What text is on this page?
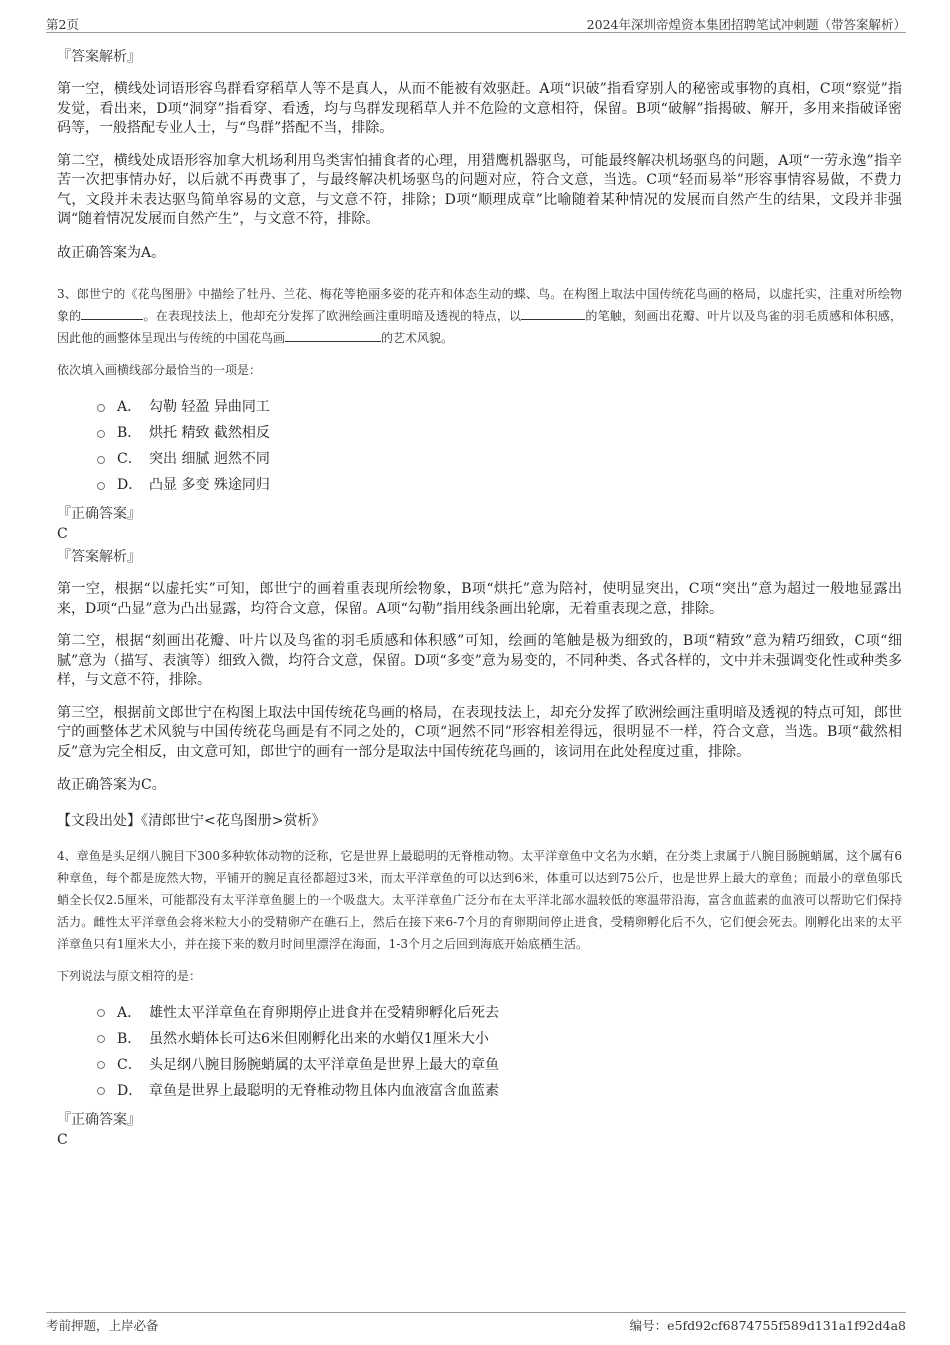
第2页	2024年深圳帝煌资本集团招聘笔试冲刺题（带答案解析）

『答案解析』

第一空，横线处词语形容鸟群看穿稻草人等不是真人，从而不能被有效驱赶。A项“识破”指看穿别人的秘密或事物的真相，C项“察觉”指发觉，看出来，D项“洞穿”指看穿、看透，均与鸟群发现稻草人并不危险的文意相符，保留。B项“破解”指揭破、解开，多用来指破译密码等，一般搭配专业人士，与“鸟群”搭配不当，排除。

第二空，横线处成语形容加拿大机场利用鸟类害怕捕食者的心理，用猎鹰机器驱鸟，可能最终解决机场驱鸟的问题，A项“一劳永逸”指辛苦一次把事情办好，以后就不再费事了，与最终解决机场驱鸟的问题对应，符合文意，当选。C项“轻而易举”形容事情容易做，不费力气，文段并未表达驱鸟简单容易的文意，与文意不符，排除；D项“顺理成章”比喻随着某种情况的发展而自然产生的结果，文段并非强调“随着情况发展而自然产生”，与文意不符，排除。

故正确答案为A。

3、郎世宁的《花鸟图册》中描绘了牡丹、兰花、梅花等艳丽多姿的花卉和体态生动的蝶、鸟。在构图上取法中国传统花鸟画的格局，以虚托实，注重对所绘物象的	。在表现技法上，他却充分发挥了欧洲绘画注重明暗及透视的特点，以	的笔触，刻画出花瓣、叶片以及鸟雀的羽毛质感和体积感，因此他的画整体呈现出与传统的中国花鸟画	的艺术风貌。

依次填入画横线部分最恰当的一项是：

A． 勾勒 轻盈 异曲同工
B． 烘托 精致 截然相反
C． 突出 细腻 迥然不同
D． 凸显 多变 殊途同归

『正确答案』

C

『答案解析』

第一空，根据“以虚托实”可知，郎世宁的画着重表现所绘物象，B项“烘托”意为陪衬，使明显突出，C项“突出”意为超过一般地显露出来，D项“凸显”意为凸出显露，均符合文意，保留。A项“勾勒”指用线条画出轮廓，无着重表现之意，排除。

第二空，根据“刻画出花瓣、叶片以及鸟雀的羽毛质感和体积感”可知，绘画的笔触是极为细致的，B项“精致”意为精巧细致，C项“细腻”意为（描写、表演等）细致入微，均符合文意，保留。D项“多变”意为易变的，不同种类、各式各样的，文中并未强调变化性或种类多样，与文意不符，排除。

第三空，根据前文郎世宁在构图上取法中国传统花鸟画的格局，在表现技法上，却充分发挥了欧洲绘画注重明暗及透视的特点可知，郎世宁的画整体艺术风貌与中国传统花鸟画是有不同之处的，C项“迥然不同”形容相差得远，很明显不一样，符合文意，当选。B项“截然相反”意为完全相反，由文意可知，郎世宁的画有一部分是取法中国传统花鸟画的，该词用在此处程度过重，排除。

故正确答案为C。

【文段出处】《清郎世宁<花鸟图册>赏析》

4、章鱼是头足纲八腕目下300多种软体动物的泛称，它是世界上最聪明的无脊椎动物。太平洋章鱼中文名为水蛸，在分类上隶属于八腕目肠腕蛸属，这个属有6种章鱼，每个都是庞然大物，平铺开的腕足直径都超过3米，而太平洋章鱼的可以达到6米，体重可以达到75公斤，也是世界上最大的章鱼；而最小的章鱼邬氏蛸全长仅2.5厘米，可能都没有太平洋章鱼腿上的一个吸盘大。太平洋章鱼广泛分布在太平洋北部水温较低的寒温带沿海，富含血蓝素的血液可以帮助它们保持活力。雌性太平洋章鱼会将米粒大小的受精卵产在礁石上，然后在接下来6-7个月的育卵期间停止进食，受精卵孵化后不久，它们便会死去。刚孵化出来的太平洋章鱼只有1厘米大小，并在接下来的数月时间里漂浮在海面，1-3个月之后回到海底开始底栖生活。

下列说法与原文相符的是：

A． 雄性太平洋章鱼在育卵期停止进食并在受精卵孵化后死去
B． 虽然水蛸体长可达6米但刚孵化出来的水蛸仅1厘米大小
C． 头足纲八腕目肠腕蛸属的太平洋章鱼是世界上最大的章鱼
D． 章鱼是世界上最聪明的无脊椎动物且体内血液富含血蓝素

『正确答案』

C

考前押题，上岸必备	编号：e5fd92cf6874755f589d131a1f92d4a8
